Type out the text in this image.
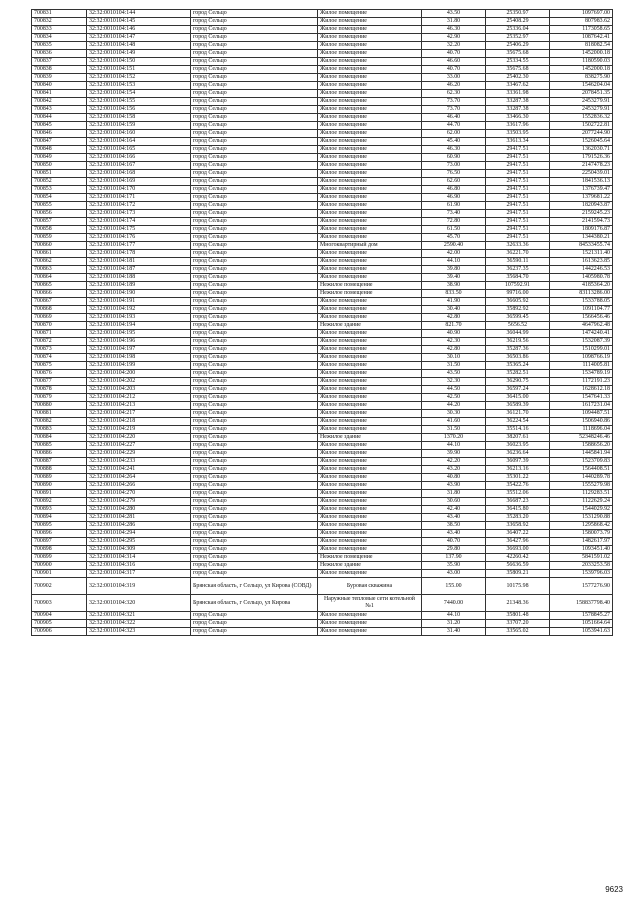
700831	32:32:0010104:144	город Сельцо	Жилое помещение	43.50	25350.97	1097697.00
700832	32:32:0010104:145	город Сельцо	Жилое помещение	31.80	25408.29	807983.62
700833	32:32:0010104:146	город Сельцо	Жилое помещение	46.30	25336.04	1173058.65
700834	32:32:0010104:147	город Сельцо	Жилое помещение	42.90	25352.97	1087642.41
700835	32:32:0010104:148	город Сельцо	Жилое помещение	32.20	25406.29	818082.54
700836	32:32:0010104:149	город Сельцо	Жилое помещение	40.70	35675.68	1452000.18
700837	32:32:0010104:150	город Сельцо	Жилое помещение	46.60	25334.55	1180590.03
700838	32:32:0010104:151	город Сельцо	Жилое помещение	40.70	35675.68	1452000.18
700839	32:32:0010104:152	город Сельцо	Жилое помещение	33.00	25402.30	838275.90
700840	32:32:0010104:153	город Сельцо	Жилое помещение	46.20	33467.62	1546204.04
700841	32:32:0010104:154	город Сельцо	Жилое помещение	62.30	33361.98	2078451.35
700842	32:32:0010104:155	город Сельцо	Жилое помещение	73.70	33287.38	2453279.91
700843	32:32:0010104:156	город Сельцо	Жилое помещение	73.70	33287.38	2453279.91
700844	32:32:0010104:158	город Сельцо	Жилое помещение	46.40	33466.30	1552836.32
700845	32:32:0010104:159	город Сельцо	Жилое помещение	44.70	33617.96	1502722.81
700846	32:32:0010104:160	город Сельцо	Жилое помещение	62.00	33503.95	2077244.90
700847	32:32:0010104:164	город Сельцо	Жилое помещение	45.40	33613.34	1526045.64
700848	32:32:0010104:165	город Сельцо	Жилое помещение	46.30	29417.51	1362030.71
700849	32:32:0010104:166	город Сельцо	Жилое помещение	60.90	29417.51	1791526.36
700850	32:32:0010104:167	город Сельцо	Жилое помещение	73.00	29417.51	2147478.23
700851	32:32:0010104:168	город Сельцо	Жилое помещение	76.50	29417.51	2250439.01
700852	32:32:0010104:169	город Сельцо	Жилое помещение	62.60	29417.51	1841536.13
700853	32:32:0010104:170	город Сельцо	Жилое помещение	46.80	29417.51	1376739.47
700854	32:32:0010104:171	город Сельцо	Жилое помещение	46.90	29417.51	1379681.22
700855	32:32:0010104:172	город Сельцо	Жилое помещение	61.90	29417.51	1820943.87
700856	32:32:0010104:173	город Сельцо	Жилое помещение	73.40	29417.51	2159245.23
700857	32:32:0010104:174	город Сельцо	Жилое помещение	72.80	29417.51	2141594.73
700858	32:32:0010104:175	город Сельцо	Жилое помещение	61.50	29417.51	1809176.87
700859	32:32:0010104:176	город Сельцо	Жилое помещение	45.70	29417.51	1344380.21
700860	32:32:0010104:177	город Сельцо	Многоквартирный дом	2590.40	32633.36	84533455.74
700861	32:32:0010104:178	город Сельцо	Жилое помещение	42.00	36221.70	1521311.40
700862	32:32:0010104:181	город Сельцо	Жилое помещение	44.10	36590.11	1613623.85
700863	32:32:0010104:187	город Сельцо	Жилое помещение	39.80	36237.35	1442246.53
700864	32:32:0010104:188	город Сельцо	Жилое помещение	39.40	35684.70	1405980.78
700865	32:32:0010104:189	город Сельцо	Нежилое помещение	38.90	107592.91	4185364.20
700866	32:32:0010104:190	город Сельцо	Нежилое помещение	833.50	99716.00	83113286.00
700867	32:32:0010104:191	город Сельцо	Жилое помещение	41.90	36605.92	1533788.05
700868	32:32:0010104:192	город Сельцо	Жилое помещение	30.40	35892.92	1091104.77
700869	32:32:0010104:193	город Сельцо	Жилое помещение	42.80	36599.45	1566456.46
700870	32:32:0010104:194	город Сельцо	Нежилое здание	821.70	5656.52	4647962.48
700871	32:32:0010104:195	город Сельцо	Жилое помещение	40.90	36044.99	1474240.41
700872	32:32:0010104:196	город Сельцо	Жилое помещение	42.30	36219.56	1532087.39
700873	32:32:0010104:197	город Сельцо	Жилое помещение	42.80	35287.36	1510299.01
700874	32:32:0010104:198	город Сельцо	Жилое помещение	30.10	36503.86	1098766.19
700875	32:32:0010104:199	город Сельцо	Жилое помещение	31.50	35365.24	1114005.81
700876	32:32:0010104:200	город Сельцо	Жилое помещение	43.50	35282.51	1534789.19
700877	32:32:0010104:202	город Сельцо	Жилое помещение	32.30	36290.75	1172191.23
700878	32:32:0010104:203	город Сельцо	Жилое помещение	44.50	36597.24	1628612.18
700879	32:32:0010104:212	город Сельцо	Жилое помещение	42.50	36415.00	1547641.33
700880	32:32:0010104:213	город Сельцо	Жилое помещение	44.20	36589.39	1617231.04
700881	32:32:0010104:217	город Сельцо	Жилое помещение	30.30	36121.70	1094487.51
700882	32:32:0010104:218	город Сельцо	Жилое помещение	41.60	36224.54	1506940.86
700883	32:32:0010104:219	город Сельцо	Жилое помещение	31.50	35514.16	1118696.04
700884	32:32:0010104:220	город Сельцо	Нежилое здание	1370.20	38207.61	52348246.46
700885	32:32:0010104:227	город Сельцо	Жилое помещение	44.10	36023.95	1588656.20
700886	32:32:0010104:229	город Сельцо	Жилое помещение	39.90	36236.64	1445841.94
700887	32:32:0010104:233	город Сельцо	Жилое помещение	42.20	36097.39	1523709.83
700888	32:32:0010104:241	город Сельцо	Жилое помещение	43.20	36213.16	1564408.51
700889	32:32:0010104:264	город Сельцо	Жилое помещение	40.80	35301.22	1440289.78
700890	32:32:0010104:266	город Сельцо	Жилое помещение	43.90	35422.76	1555279.98
700891	32:32:0010104:270	город Сельцо	Жилое помещение	31.80	35512.06	1129283.51
700892	32:32:0010104:279	город Сельцо	Жилое помещение	30.60	36687.23	1122629.24
700893	32:32:0010104:280	город Сельцо	Жилое помещение	42.40	36415.80	1544029.92
700894	32:32:0010104:281	город Сельцо	Жилое помещение	43.40	35283.20	1531290.88
700895	32:32:0010104:286	город Сельцо	Жилое помещение	38.50	33658.92	1295868.42
700896	32:32:0010104:294	город Сельцо	Жилое помещение	43.40	36407.22	1580073.79
700897	32:32:0010104:295	город Сельцо	Жилое помещение	40.70	36427.96	1482617.97
700898	32:32:0010104:309	город Сельцо	Жилое помещение	29.80	36693.00	1093451.40
700899	32:32:0010104:314	город Сельцо	Нежилое помещение	137.90	42260.42	5841591.02
700900	32:32:0010104:316	город Сельцо	Нежилое здание	35.90	56636.59	2033253.58
700901	32:32:0010104:317	город Сельцо	Жилое помещение	43.00	35809.21	1539796.03
700902	32:32:0010104:319	Брянская область, г Сельцо, ул Кирова (СОВД)	Буровая скважина	155.00	10175.98	1577276.90
700903	32:32:0010104:320	Брянская область, г Сельцо, ул Кирова	Наружные тепловые сети котельной №1	7440.00	21348.36	158837798.40
700904	32:32:0010104:321	город Сельцо	Жилое помещение	44.10	35801.48	1578845.27
700905	32:32:0010104:322	город Сельцо	Жилое помещение	31.20	33707.20	1051664.64
700906	32:32:0010104:323	город Сельцо	Жилое помещение	31.40	33565.02	1053941.63
9623
